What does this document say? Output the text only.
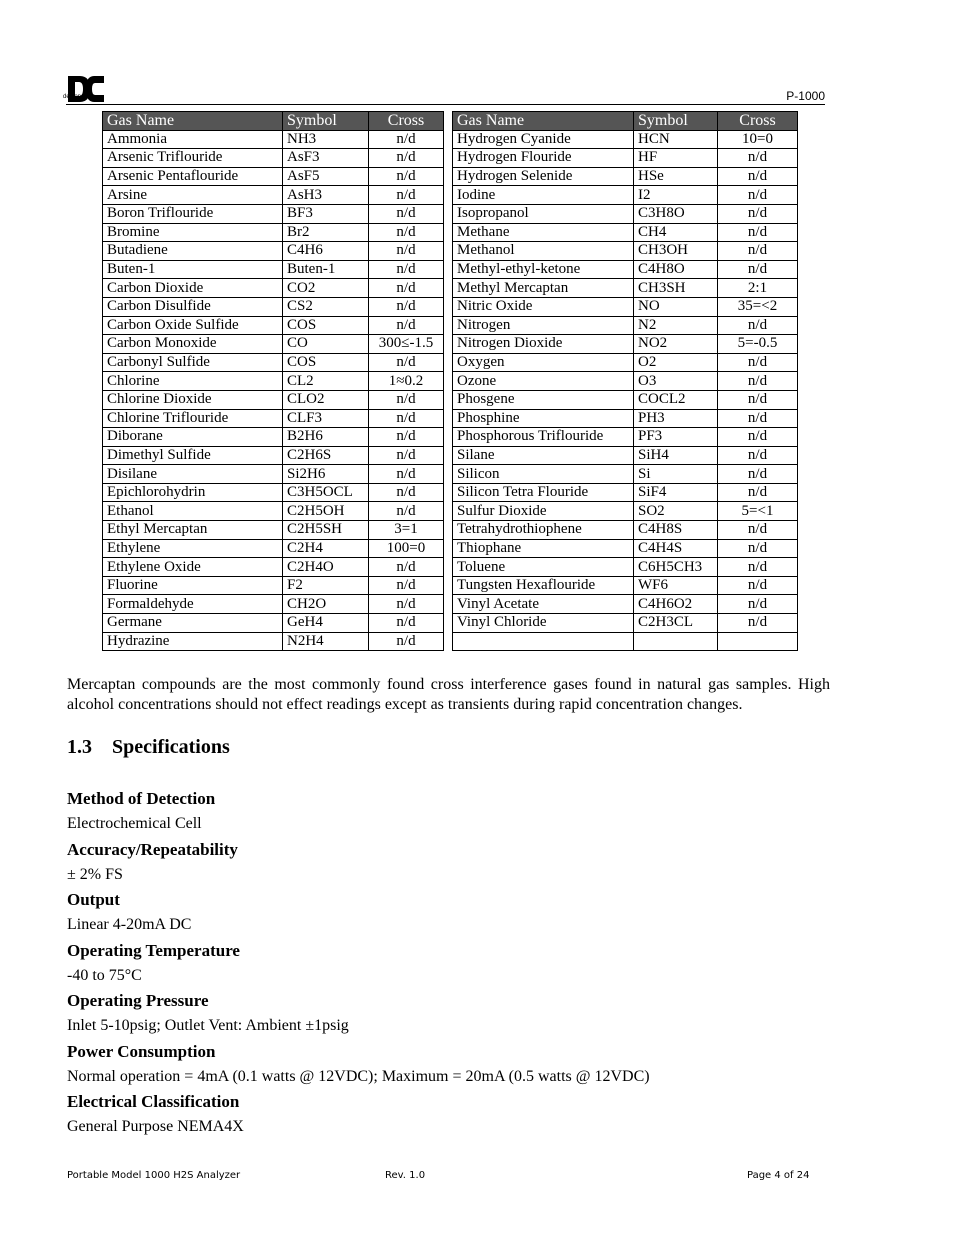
detcon inc.	P-1000
Gas Name	Symbol	Cross
Ammonia	NH3	n/d
Arsenic Triflouride	AsF3	n/d
Arsenic Pentaflouride	AsF5	n/d
Arsine	AsH3	n/d
Boron Triflouride	BF3	n/d
Bromine	Br2	n/d
Butadiene	C4H6	n/d
Buten-1	Buten-1	n/d
Carbon Dioxide	CO2	n/d
Carbon Disulfide	CS2	n/d
Carbon Oxide Sulfide	COS	n/d
Carbon Monoxide	CO	300≤-1.5
Carbonyl Sulfide	COS	n/d
Chlorine	CL2	1≈0.2
Chlorine Dioxide	CLO2	n/d
Chlorine Triflouride	CLF3	n/d
Diborane	B2H6	n/d
Dimethyl Sulfide	C2H6S	n/d
Disilane	Si2H6	n/d
Epichlorohydrin	C3H5OCL	n/d
Ethanol	C2H5OH	n/d
Ethyl Mercaptan	C2H5SH	3=1
Ethylene	C2H4	100=0
Ethylene Oxide	C2H4O	n/d
Fluorine	F2	n/d
Formaldehyde	CH2O	n/d
Germane	GeH4	n/d
Hydrazine	N2H4	n/d
Gas Name	Symbol	Cross
Hydrogen Cyanide	HCN	10=0
Hydrogen Flouride	HF	n/d
Hydrogen Selenide	HSe	n/d
Iodine	I2	n/d
Isopropanol	C3H8O	n/d
Methane	CH4	n/d
Methanol	CH3OH	n/d
Methyl-ethyl-ketone	C4H8O	n/d
Methyl Mercaptan	CH3SH	2:1
Nitric Oxide	NO	35=<2
Nitrogen	N2	n/d
Nitrogen Dioxide	NO2	5=-0.5
Oxygen	O2	n/d
Ozone	O3	n/d
Phosgene	COCL2	n/d
Phosphine	PH3	n/d
Phosphorous Triflouride	PF3	n/d
Silane	SiH4	n/d
Silicon	Si	n/d
Silicon Tetra Flouride	SiF4	n/d
Sulfur Dioxide	SO2	5=<1
Tetrahydrothiophene	C4H8S	n/d
Thiophane	C4H4S	n/d
Toluene	C6H5CH3	n/d
Tungsten Hexaflouride	WF6	n/d
Vinyl Acetate	C4H6O2	n/d
Vinyl Chloride	C2H3CL	n/d

Mercaptan compounds are the most commonly found cross interference gases found in natural gas samples. High alcohol concentrations should not effect readings except as transients during rapid concentration changes.

1.3 Specifications
Method of Detection
Electrochemical Cell
Accuracy/Repeatability
± 2% FS
Output
Linear 4-20mA DC
Operating Temperature
-40 to 75°C
Operating Pressure
Inlet 5-10psig; Outlet Vent: Ambient ±1psig
Power Consumption
Normal operation = 4mA (0.1 watts @ 12VDC); Maximum = 20mA (0.5 watts @ 12VDC)
Electrical Classification
General Purpose NEMA4X
Portable Model 1000 H2S Analyzer	Rev. 1.0	Page 4 of 24
